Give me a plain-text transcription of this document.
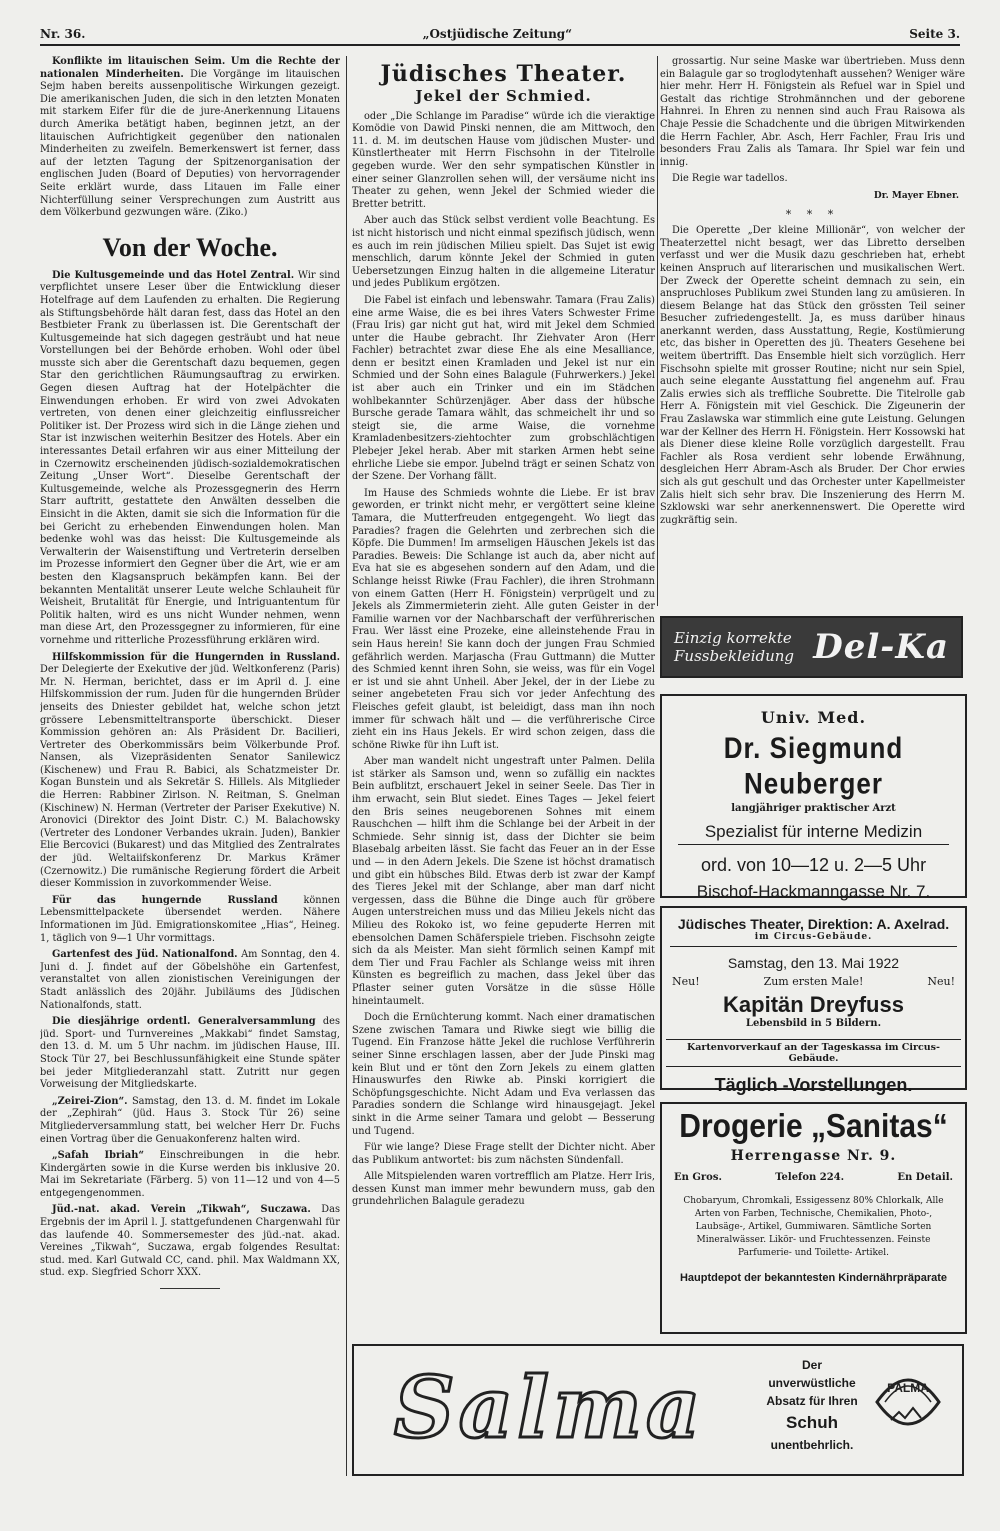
Nr. 36.	„Ostjüdische Zeitung“	Seite 3.

Konflikte im litauischen Seim. Um die Rechte der nationalen Minderheiten. Die Vorgänge im litauischen Sejm haben bereits aussenpolitische Wirkungen gezeigt. Die amerikanischen Juden, die sich in den letzten Monaten mit starkem Eifer für die de jure-Anerkennung Litauens durch Amerika betätigt haben, beginnen jetzt, an der litauischen Aufrichtigkeit gegenüber den nationalen Minderheiten zu zweifeln. Bemerkenswert ist ferner, dass auf der letzten Tagung der Spitzenorganisation der englischen Juden (Board of Deputies) von hervorragender Seite erklärt wurde, dass Litauen im Falle einer Nichterfüllung seiner Versprechungen zum Austritt aus dem Völkerbund gezwungen wäre. (Ziko.)

Von der Woche.

Die Kultusgemeinde und das Hotel Zentral. Wir sind verpflichtet unsere Leser über die Entwicklung dieser Hotelfrage auf dem Laufenden zu erhalten. Die Regierung als Stiftungsbehörde hält daran fest, dass das Hotel an den Bestbieter Frank zu überlassen ist. Die Gerentschaft der Kultusgemeinde hat sich dagegen gesträubt und hat neue Vorstellungen bei der Behörde erhoben. Wohl oder übel musste sich aber die Gerentschaft dazu bequemen, gegen Star den gerichtlichen Räumungsauftrag zu erwirken. Gegen diesen Auftrag hat der Hotelpächter die Einwendungen erhoben. Er wird von zwei Advokaten vertreten, von denen einer gleichzeitig einflussreicher Politiker ist. Der Prozess wird sich in die Länge ziehen und Star ist inzwischen weiterhin Besitzer des Hotels. Aber ein interessantes Detail erfahren wir aus einer Mitteilung der in Czernowitz erscheinenden jüdisch-sozialdemokratischen Zeitung „Unser Wort“. Dieselbe Gerentschaft der Kultusgemeinde, welche als Prozessgegnerin des Herrn Starr auftritt, gestattete den Anwälten desselben die Einsicht in die Akten, damit sie sich die Information für die bei Gericht zu erhebenden Einwendungen holen. Man bedenke wohl was das heisst: Die Kultusgemeinde als Verwalterin der Waisenstiftung und Vertreterin derselben im Prozesse informiert den Gegner über die Art, wie er am besten den Klagsanspruch bekämpfen kann. Bei der bekannten Mentalität unserer Leute welche Schlauheit für Weisheit, Brutalität für Energie, und Intriguantentum für Politik halten, wird es uns nicht Wunder nehmen, wenn man diese Art, den Prozessgegner zu informieren, für eine vornehme und ritterliche Prozessführung erklären wird.

Hilfskommission für die Hungernden in Russland. Der Delegierte der Exekutive der jüd. Weltkonferenz (Paris) Mr. N. Herman, berichtet, dass er im April d. J. eine Hilfskommission der rum. Juden für die hungernden Brüder jenseits des Dniester gebildet hat, welche schon jetzt grössere Lebensmitteltransporte überschickt. Dieser Kommission gehören an: Als Präsident Dr. Bacilieri, Vertreter des Oberkommissärs beim Völkerbunde Prof. Nansen, als Vizepräsidenten Senator Sanilewicz (Kischenew) und Frau R. Babici, als Schatzmeister Dr. Kogan Bunstein und als Sekretär S. Hillels. Als Mitglieder die Herren: Rabbiner Zirlson. N. Reitman, S. Gnelman (Kischinew) N. Herman (Vertreter der Pariser Exekutive) N. Aronovici (Direktor des Joint Distr. C.) M. Balachowsky (Vertreter des Londoner Verbandes ukrain. Juden), Bankier Elie Bercovici (Bukarest) und das Mitglied des Zentralrates der jüd. Weltaiifskonferenz Dr. Markus Krämer (Czernowitz.) Die rumänische Regierung fördert die Arbeit dieser Kommission in zuvorkommender Weise.

Für das hungernde Russland	können Lebensmittelpackete übersendet werden. Nähere Informationen im Jüd. Emigrationskomitee „Hias“, Heineg. 1, täglich von 9—1 Uhr vormittags.

Gartenfest des Jüd. Nationalfond. Am Sonntag, den 4. Juni d. J. findet auf der Göbelshöhe ein Gartenfest, veranstaltet von allen zionistischen Vereinigungen der Stadt anlässlich des 20jähr. Jubiläums des Jüdischen Nationalfonds, statt.

Die diesjährige ordentl. Generalversammlung des jüd. Sport- und Turnvereines „Makkabi“ findet Samstag, den 13. d. M. um 5 Uhr nachm. im jüdischen Hause, III. Stock Tür 27, bei Beschlussunfähigkeit eine Stunde später bei jeder Mitgliederanzahl statt. Zutritt nur gegen Vorweisung der Mitgliedskarte.

„Zeirei-Zion“. Samstag, den 13. d. M. findet im Lokale der „Zephirah“ (jüd. Haus 3. Stock Tür 26) seine Mitgliederversammlung statt, bei welcher Herr Dr. Fuchs einen Vortrag über die Genuakonferenz halten wird.

„Safah Ibriah“ Einschreibungen in die hebr. Kindergärten sowie in die Kurse werden bis inklusive 20. Mai im Sekretariate (Färberg. 5) von 11—12 und von 4—5 entgegengenommen.

Jüd.-nat. akad. Verein „Tikwah“, Suczawa. Das Ergebnis der im April l. J. stattgefundenen Chargenwahl für das laufende 40. Sommersemester des jüd.-nat. akad. Vereines „Tikwah“, Suczawa, ergab folgendes Resultat: stud. med. Karl Gutwald CC, cand. phil. Max Waldmann XX, stud. exp. Siegfried Schorr XXX.

Jüdisches Theater.
Jekel der Schmied.

oder „Die Schlange im Paradise“ würde ich die vieraktige Komödie von Dawid Pinski nennen, die am Mittwoch, den 11. d. M. im deutschen Hause vom jüdischen Muster- und Künstlertheater mit Herrn Fischsohn in der Titelrolle gegeben wurde. Wer den sehr sympatischen Künstler in einer seiner Glanzrollen sehen will, der versäume nicht ins Theater zu gehen, wenn Jekel der Schmied wieder die Bretter betritt.

Aber auch das Stück selbst verdient volle Beachtung. Es ist nicht historisch und nicht einmal spezifisch jüdisch, wenn es auch im rein jüdischen Milieu spielt. Das Sujet ist ewig menschlich, darum könnte Jekel der Schmied in guten Uebersetzungen Einzug halten in die allgemeine Literatur und jedes Publikum ergötzen.

Die Fabel ist einfach und lebenswahr. Tamara (Frau Zalis) eine arme Waise, die es bei ihres Vaters Schwester Frime (Frau Iris) gar nicht gut hat, wird mit Jekel dem Schmied unter die Haube gebracht. Ihr Ziehvater Aron (Herr Fachler) betrachtet zwar diese Ehe als eine Mesalliance, denn er besitzt einen Kramladen und Jekel ist nur ein Schmied und der Sohn eines Balagule (Fuhrwerkers.) Jekel ist aber auch ein Trinker und ein im Städchen wohlbekannter Schürzenjäger. Aber dass der hübsche Bursche gerade Tamara wählt, das schmeichelt ihr und so steigt sie, die arme Waise, die vornehme Kramladenbesitzers-ziehtochter zum grobschlächtigen Plebejer Jekel herab. Aber mit starken Armen hebt seine ehrliche Liebe sie empor. Jubelnd trägt er seinen Schatz von der Szene. Der Vorhang fällt.

Im Hause des Schmieds wohnte die Liebe. Er ist brav geworden, er trinkt nicht mehr, er vergöttert seine kleine Tamara, die Mutterfreuden entgegengeht. Wo liegt das Paradies? fragen die Gelehrten und zerbrechen sich die Köpfe. Die Dummen! Im armseligen Häuschen Jekels ist das Paradies. Beweis: Die Schlange ist auch da, aber nicht auf Eva hat sie es abgesehen sondern auf den Adam, und die Schlange heisst Riwke (Frau Fachler), die ihren Strohmann von einem Gatten (Herr H. Fönigstein) verprügelt und zu Jekels als Zimmermieterin zieht. Alle guten Geister in der Familie warnen vor der Nachbarschaft der verführerischen Frau. Wer lässt eine Prozeke, eine alleinstehende Frau in sein Haus herein! Sie kann doch der jungen Frau Schmied gefährlich werden. Marjascha (Frau Guttmann) die Mutter des Schmied kennt ihren Sohn, sie weiss, was für ein Vogel er ist und sie ahnt Unheil. Aber Jekel, der in der Liebe zu seiner angebeteten Frau sich vor jeder Anfechtung des Fleisches gefeit glaubt, ist beleidigt, dass man ihn noch immer für schwach hält und — die verführerische Circe zieht ein ins Haus Jekels. Er wird schon zeigen, dass die schöne Riwke für ihn Luft ist.

Aber man wandelt nicht ungestraft unter Palmen. Delila ist stärker als Samson und, wenn so zufällig ein nacktes Bein aufblitzt, erschauert Jekel in seiner Seele. Das Tier in ihm erwacht, sein Blut siedet. Eines Tages — Jekel feiert den Bris seines neugeborenen Sohnes mit einem Rauschchen — hilft ihm die Schlange bei der Arbeit in der Schmiede. Sehr sinnig ist, dass der Dichter sie beim Blasebalg arbeiten lässt. Sie facht das Feuer an in der Esse und — in den Adern Jekels. Die Szene ist höchst dramatisch und gibt ein hübsches Bild. Etwas derb ist zwar der Kampf des Tieres Jekel mit der Schlange, aber man darf nicht vergessen, dass die Bühne die Dinge auch für gröbere Augen unterstreichen muss und das Milieu Jekels nicht das Milieu des Rokoko ist, wo feine gepuderte Herren mit ebensolchen Damen Schäferspiele trieben. Fischsohn zeigte sich da als Meister. Man sieht förmlich seinen Kampf mit dem Tier und Frau Fachler als Schlange weiss mit ihren Künsten es begreiflich zu machen, dass Jekel über das Pflaster seiner guten Vorsätze in die süsse Hölle hineintaumelt.

Doch die Ernüchterung kommt. Nach einer dramatischen Szene zwischen Tamara und Riwke siegt wie billig die Tugend. Ein Franzose hätte Jekel die ruchlose Verführerin seiner Sinne erschlagen lassen, aber der Jude Pinski mag kein Blut und er tönt den Zorn Jekels zu einem glatten Hinauswurfes den Riwke ab. Pinski korrigiert die Schöpfungsgeschichte. Nicht Adam und Eva verlassen das Paradies sondern die Schlange wird hinausgejagt. Jekel sinkt in die Arme seiner Tamara und gelobt — Besserung und Tugend.

Für wie lange? Diese Frage stellt der Dichter nicht. Aber das Publikum antwortet: bis zum nächsten Sündenfall.

Alle Mitspielenden waren vortrefflich am Platze. Herr Iris, dessen Kunst man immer mehr bewundern muss, gab den grundehrlichen Balagule geradezu

grossartig. Nur seine Maske war übertrieben. Muss denn ein Balagule gar so troglodytenhaft aussehen? Weniger wäre hier mehr. Herr H. Fönigstein als Refuel war in Spiel und Gestalt das richtige Strohmännchen und der geborene Hahnrei. In Ehren zu nennen sind auch Frau Raisowa als Chaje Pessie die Schadchente und die übrigen Mitwirkenden die Herrn Fachler, Abr. Asch, Herr Fachler, Frau Iris und besonders Frau Zalis als Tamara. Ihr Spiel war fein und innig.

Die Regie war tadellos.

Dr. Mayer Ebner.
* * *

Die Operette „Der kleine Millionär“, von welcher der Theaterzettel nicht besagt, wer das Libretto derselben verfasst und wer die Musik dazu geschrieben hat, erhebt keinen Anspruch auf literarischen und musikalischen Wert. Der Zweck der Operette scheint demnach zu sein, ein anspruchloses Publikum zwei Stunden lang zu amüsieren. In diesem Belange hat das Stück den grössten Teil seiner Besucher zufriedengestellt. Ja, es muss darüber hinaus anerkannt werden, dass Ausstattung, Regie, Kostümierung etc, das bisher in Operetten des jü. Theaters Gesehene bei weitem übertrifft. Das Ensemble hielt sich vorzüglich. Herr Fischsohn spielte mit grosser Routine; nicht nur sein Spiel, auch seine elegante Ausstattung fiel angenehm auf. Frau Zalis erwies sich als treffliche Soubrette. Die Titelrolle gab Herr A. Fönigstein mit viel Geschick. Die Zigeunerin der Frau Zaslawska war stimmlich eine gute Leistung. Gelungen war der Kellner des Herrn H. Fönigstein. Herr Kossowski hat als Diener diese kleine Rolle vorzüglich dargestellt. Frau Fachler als Rosa verdient sehr lobende Erwähnung, desgleichen Herr Abram-Asch als Bruder. Der Chor erwies sich als gut geschult und das Orchester unter Kapellmeister Zalis hielt sich sehr brav. Die Inszenierung des Herrn M. Szklowski war sehr anerkennenswert. Die Operette wird zugkräftig sein.

Einzig korrekte
Fussbekleidung Del-Ka
Univ. Med.
Dr. Siegmund Neuberger
langjähriger praktischer Arzt
Spezialist für interne Medizin
ord. von 10—12 u. 2—5 Uhr
Bischof-Hackmanngasse Nr. 7.
Jüdisches Theater, Direktion: A. Axelrad.
im Circus-Gebäude.
Samstag, den 13. Mai 1922
Neu!	Zum ersten Male!	Neu!
Kapitän Dreyfuss
Lebensbild in 5 Bildern.
Kartenvorverkauf an der Tageskassa im Circus-Gebäude.
Täglich -Vorstellungen.
Drogerie „Sanitas“
Herrengasse Nr. 9.
En Gros.	Telefon 224.	En Detail.
Chobaryum, Chromkali, Essigessenz 80% Chlorkalk, Alle Arten von Farben, Technische, Chemikalien, Photo-, Laubsäge-, Artikel, Gummiwaren. Sämtliche Sorten Mineralwässer. Likör- und Fruchtessenzen. Feinste Parfumerie- und Toilette- Artikel.
Hauptdepot der bekanntesten Kindernährpräparate
Salma	Der unverwüstliche
Absatz für Ihren
Schuh
unentbehrlich.
PALMA
